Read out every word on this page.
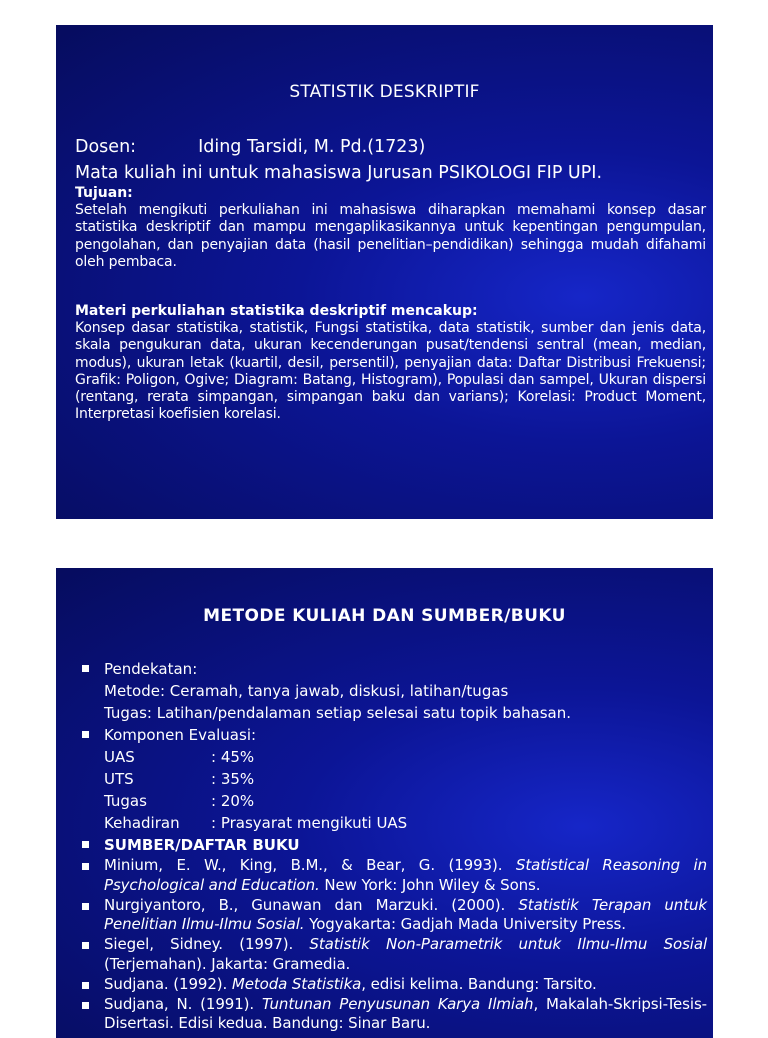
STATISTIK DESKRIPTIF
Dosen:	Iding Tarsidi, M. Pd.(1723)
Mata kuliah ini untuk mahasiswa Jurusan PSIKOLOGI FIP UPI.
Tujuan:

Setelah mengikuti perkuliahan ini mahasiswa diharapkan memahami konsep dasar statistika deskriptif dan mampu mengaplikasikannya untuk kepentingan pengumpulan, pengolahan, dan penyajian data (hasil penelitian–pendidikan) sehingga mudah difahami oleh pembaca.

Materi perkuliahan statistika deskriptif mencakup:

Konsep dasar statistika, statistik, Fungsi statistika, data statistik, sumber dan jenis data, skala pengukuran data, ukuran kecenderungan pusat/tendensi sentral (mean, median, modus), ukuran letak (kuartil, desil, persentil), penyajian data: Daftar Distribusi Frekuensi; Grafik: Poligon, Ogive; Diagram: Batang, Histogram), Populasi dan sampel, Ukuran dispersi (rentang, rerata simpangan, simpangan baku dan varians); Korelasi: Product Moment, Interpretasi koefisien korelasi.

METODE KULIAH DAN SUMBER/BUKU
Pendekatan:
Metode: Ceramah, tanya jawab, diskusi, latihan/tugas
Tugas: Latihan/pendalaman setiap selesai satu topik bahasan.
Komponen Evaluasi:
UAS	: 45%
UTS	: 35%
Tugas	: 20%
Kehadiran	: Prasyarat mengikuti UAS
SUMBER/DAFTAR BUKU
Minium, E. W., King, B.M., & Bear, G. (1993). Statistical Reasoning in Psychological and Education. New York: John Wiley & Sons.
Nurgiyantoro, B., Gunawan dan Marzuki. (2000). Statistik Terapan untuk Penelitian Ilmu-Ilmu Sosial. Yogyakarta: Gadjah Mada University Press.
Siegel, Sidney. (1997). Statistik Non-Parametrik untuk Ilmu-Ilmu Sosial (Terjemahan). Jakarta: Gramedia.
Sudjana. (1992). Metoda Statistika, edisi kelima. Bandung: Tarsito.
Sudjana, N. (1991). Tuntunan Penyusunan Karya Ilmiah, Makalah-Skripsi-Tesis-Disertasi. Edisi kedua. Bandung: Sinar Baru.
